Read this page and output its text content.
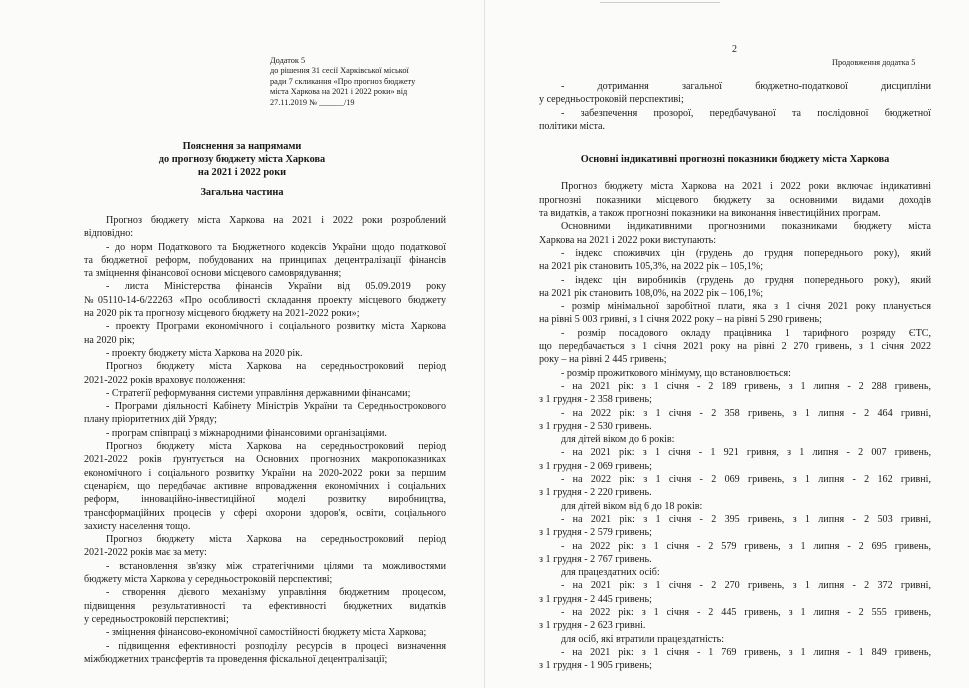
Додаток 5
до рішення 31 сесії Харківської міської
ради 7 скликання «Про прогноз бюджету
міста Харкова на 2021 і 2022 роки» від
27.11.2019 № ______/19
Пояснення за напрямами
до прогнозу бюджету міста Харкова
на 2021 і 2022 роки
Загальна частина
Прогноз бюджету міста Харкова на 2021 і 2022 роки розроблений
відповідно:
- до норм Податкового та Бюджетного кодексів України щодо податкової
та бюджетної реформ, побудованих на принципах децентралізації фінансів
та зміцнення фінансової основи місцевого самоврядування;
- листа Міністерства фінансів України від 05.09.2019 року
№05110-14-6/22263 «Про особливості складання проекту місцевого бюджету
на 2020 рік та прогнозу місцевого бюджету на 2021-2022 роки»;
- проекту Програми економічного і соціального розвитку міста Харкова
на 2020 рік;
- проекту бюджету міста Харкова на 2020 рік.
Прогноз бюджету міста Харкова на середньостроковий період
2021-2022 років враховує положення:
- Стратегії реформування системи управління державними фінансами;
- Програми діяльності Кабінету Міністрів України та Середньострокового
плану пріоритетних дій Уряду;
- програм співпраці з міжнародними фінансовими організаціями.
Прогноз бюджету міста Харкова на середньостроковий період
2021-2022 років ґрунтується на Основних прогнозних макропоказниках
економічного і соціального розвитку України на 2020-2022 роки за першим
сценарієм, що передбачає активне впровадження економічних і соціальних
реформ, інноваційно-інвестиційної моделі розвитку виробництва,
трансформаційних процесів у сфері охорони здоров'я, освіти, соціального
захисту населення тощо.
Прогноз бюджету міста Харкова на середньостроковий період
2021-2022 років має за мету:
- встановлення зв'язку між стратегічними цілями та можливостями
бюджету міста Харкова у середньостроковій перспективі;
- створення дієвого механізму управління бюджетним процесом,
підвищення результативності та ефективності бюджетних видатків
у середньостроковій перспективі;
- зміцнення фінансово-економічної самостійності бюджету міста Харкова;
- підвищення ефективності розподілу ресурсів в процесі визначення
міжбюджетних трансфертів та проведення фіскальної децентралізації;
2
Продовження додатка 5
- дотримання загальної бюджетно-податкової дисципліни
у середньостроковій перспективі;
- забезпечення прозорої, передбачуваної та послідовної бюджетної
політики міста.
Основні індикативні прогнозні показники бюджету міста Харкова
Прогноз бюджету міста Харкова на 2021 і 2022 роки включає індикативні
прогнозні показники місцевого бюджету за основними видами доходів
та видатків, а також прогнозні показники на виконання інвестиційних програм.
Основними індикативними прогнозними показниками бюджету міста
Харкова на 2021 і 2022 роки виступають:
- індекс споживчих цін (грудень до грудня попереднього року), який
на 2021 рік становить 105,3%, на 2022 рік – 105,1%;
- індекс цін виробників (грудень до грудня попереднього року), який
на 2021 рік становить 108,0%, на 2022 рік – 106,1%;
- розмір мінімальної заробітної плати, яка з 1 січня 2021 року планується
на рівні 5 003 гривні, з 1 січня 2022 року – на рівні 5 290 гривень;
- розмір посадового окладу працівника 1 тарифного розряду ЄТС,
що передбачається з 1 січня 2021 року на рівні 2 270 гривень, з 1 січня 2022
року – на рівні 2 445 гривень;
- розмір прожиткового мінімуму, що встановлюється:
- на 2021 рік: з 1 січня - 2 189 гривень, з 1 липня - 2 288 гривень,
з 1 грудня - 2 358 гривень;
- на 2022 рік: з 1 січня - 2 358 гривень, з 1 липня - 2 464 гривні,
з 1 грудня - 2 530 гривень.
для дітей віком до 6 років:
- на 2021 рік: з 1 січня - 1 921 гривня, з 1 липня - 2 007 гривень,
з 1 грудня - 2 069 гривень;
- на 2022 рік: з 1 січня - 2 069 гривень, з 1 липня - 2 162 гривні,
з 1 грудня - 2 220 гривень.
для дітей віком від 6 до 18 років:
- на 2021 рік: з 1 січня - 2 395 гривень, з 1 липня - 2 503 гривні,
з 1 грудня - 2 579 гривень;
- на 2022 рік: з 1 січня - 2 579 гривень, з 1 липня - 2 695 гривень,
з 1 грудня - 2 767 гривень.
для працездатних осіб:
- на 2021 рік: з 1 січня - 2 270 гривень, з 1 липня - 2 372 гривні,
з 1 грудня - 2 445 гривень;
- на 2022 рік: з 1 січня - 2 445 гривень, з 1 липня - 2 555 гривень,
з 1 грудня - 2 623 гривні.
для осіб, які втратили працездатність:
- на 2021 рік: з 1 січня - 1 769 гривень, з 1 липня - 1 849 гривень,
з 1 грудня - 1 905 гривень;
